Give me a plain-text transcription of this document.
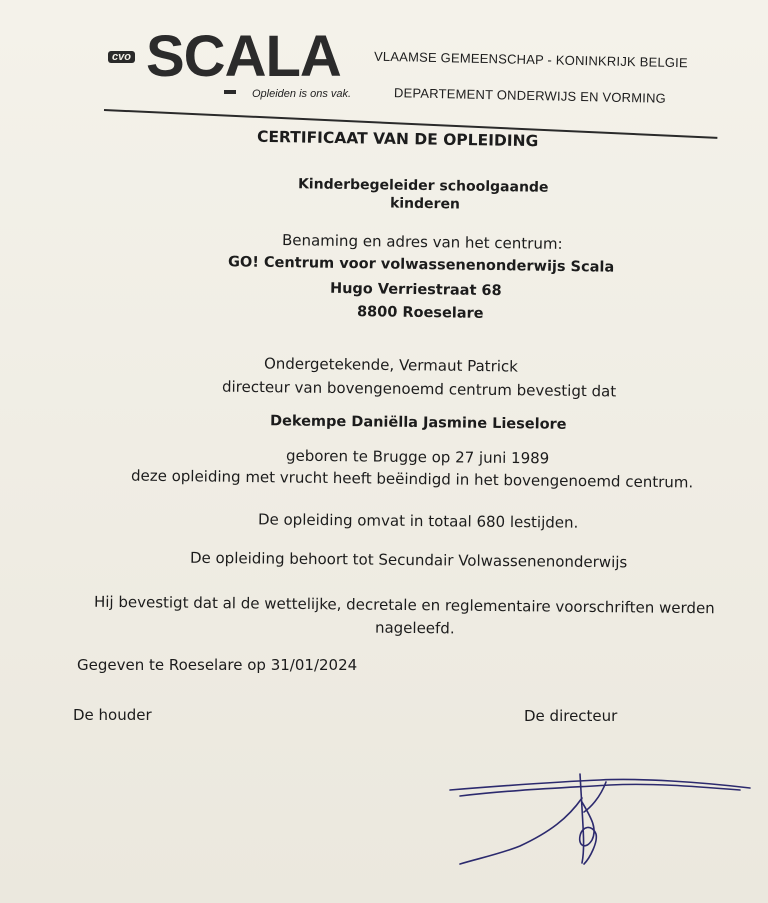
cvo SCALA
Opleiden is ons vak.
VLAAMSE GEMEENSCHAP - KONINKRIJK BELGIE
DEPARTEMENT ONDERWIJS EN VORMING
CERTIFICAAT VAN DE OPLEIDING
Kinderbegeleider schoolgaande
kinderen
Benaming en adres van het centrum:
GO! Centrum voor volwassenenonderwijs Scala
Hugo Verriestraat 68
8800 Roeselare
Ondergetekende, Vermaut Patrick
directeur van bovengenoemd centrum bevestigt dat
Dekempe Daniëlla Jasmine Lieselore
geboren te Brugge op 27 juni 1989
deze opleiding met vrucht heeft beëindigd in het bovengenoemd centrum.
De opleiding omvat in totaal 680 lestijden.
De opleiding behoort tot Secundair Volwassenenonderwijs
Hij bevestigt dat al de wettelijke, decretale en reglementaire voorschriften werden
nageleefd.
Gegeven te Roeselare op 31/01/2024
De houder	De directeur
